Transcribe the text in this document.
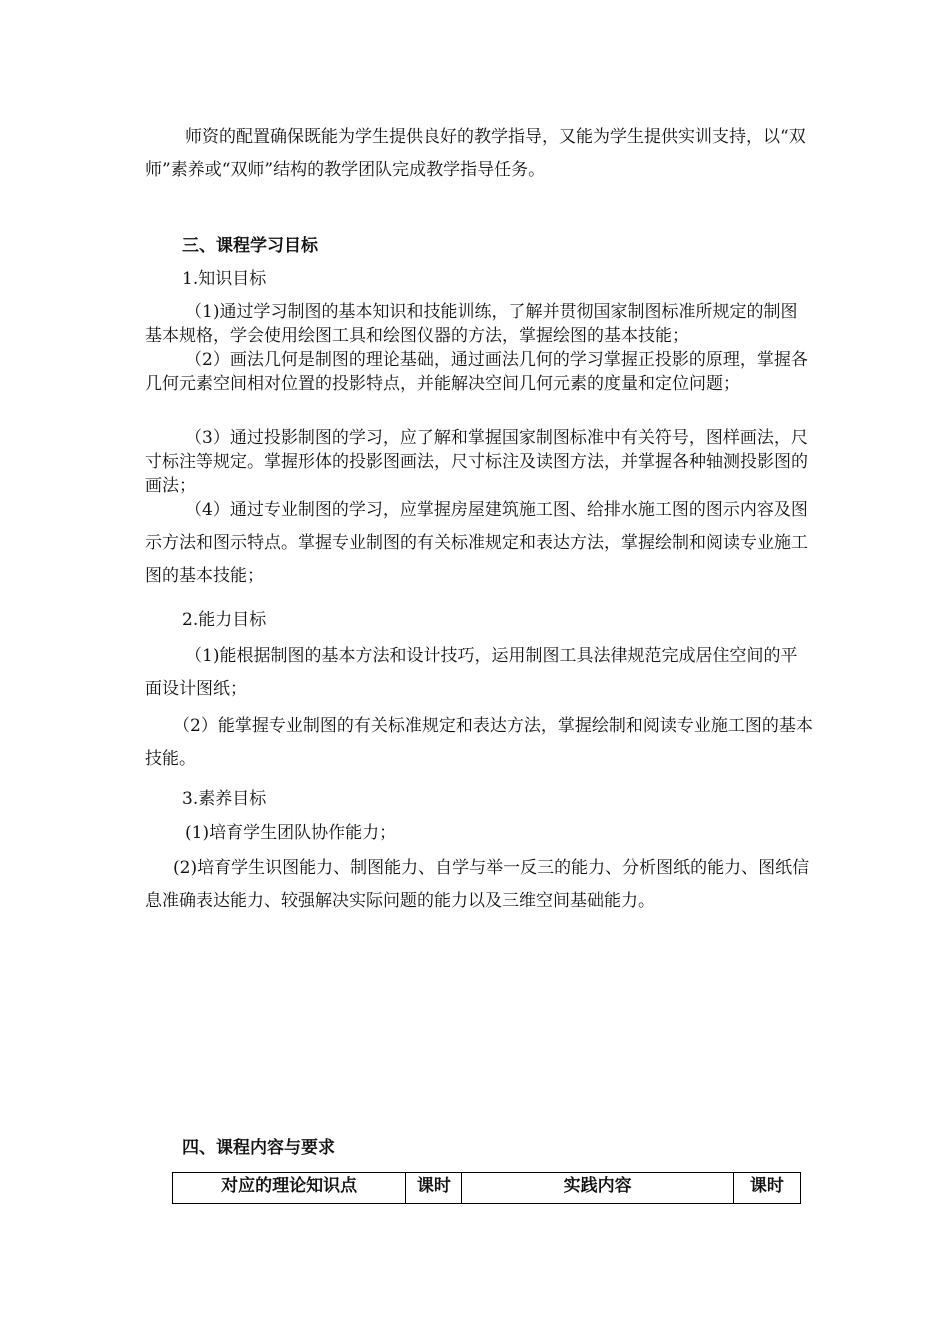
师资的配置确保既能为学生提供良好的教学指导，又能为学生提供实训支持，以“双师”素养或“双师”结构的教学团队完成教学指导任务。

三、课程学习目标

1.知识目标

（1)通过学习制图的基本知识和技能训练，了解并贯彻国家制图标准所规定的制图基本规格，学会使用绘图工具和绘图仪器的方法，掌握绘图的基本技能；

（2）画法几何是制图的理论基础，通过画法几何的学习掌握正投影的原理，掌握各几何元素空间相对位置的投影特点，并能解决空间几何元素的度量和定位问题；

（3）通过投影制图的学习，应了解和掌握国家制图标准中有关符号，图样画法，尺寸标注等规定。掌握形体的投影图画法，尺寸标注及读图方法，并掌握各种轴测投影图的画法；

（4）通过专业制图的学习，应掌握房屋建筑施工图、给排水施工图的图示内容及图示方法和图示特点。掌握专业制图的有关标准规定和表达方法，掌握绘制和阅读专业施工图的基本技能；

2.能力目标

（1)能根据制图的基本方法和设计技巧，运用制图工具法律规范完成居住空间的平面设计图纸；

（2）能掌握专业制图的有关标准规定和表达方法，掌握绘制和阅读专业施工图的基本技能。

3.素养目标

(1)培育学生团队协作能力；

(2)培育学生识图能力、制图能力、自学与举一反三的能力、分析图纸的能力、图纸信息准确表达能力、较强解决实际问题的能力以及三维空间基础能力。

四、课程内容与要求

对应的理论知识点	课时	实践内容	课时
